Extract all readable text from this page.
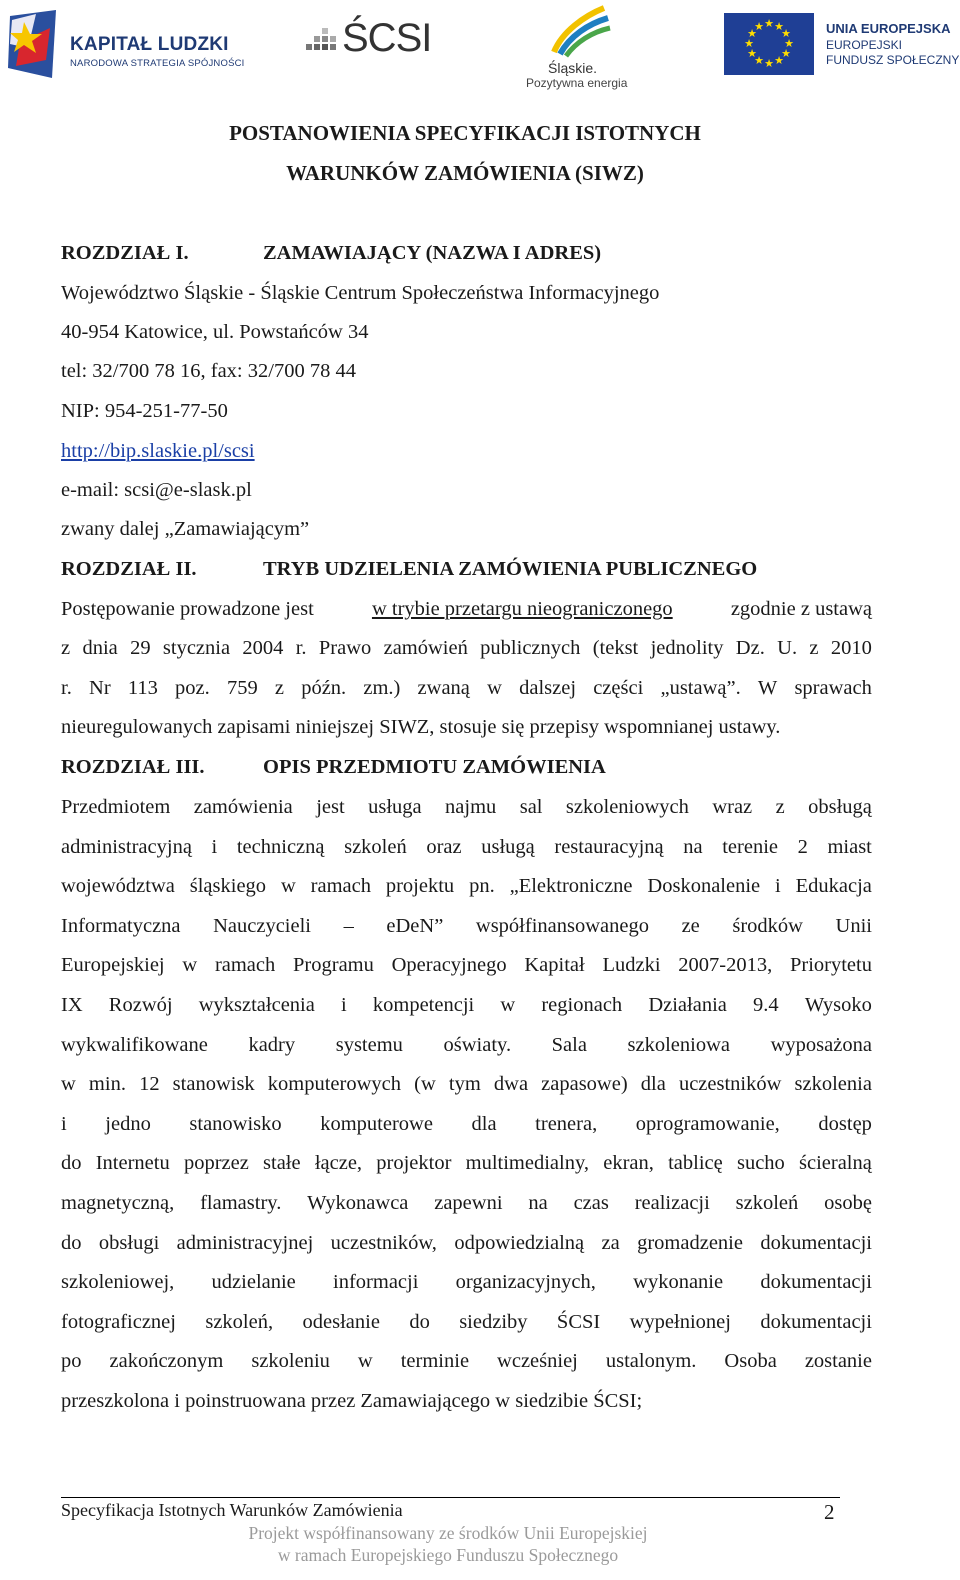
KAPITAŁ LUDZKI
NARODOWA STRATEGIA SPÓJNOŚCI
ŚCSI
Śląskie.
Pozytywna energia
★ ★
★
★
★
★
★
★
★
★
★
★	UNIA EUROPEJSKA
EUROPEJSKI
FUNDUSZ SPOŁECZNY
POSTANOWIENIA SPECYFIKACJI ISTOTNYCH
WARUNKÓW ZAMÓWIENIA (SIWZ)
ROZDZIAŁ I.	ZAMAWIAJĄCY (NAZWA I ADRES)
Województwo Śląskie - Śląskie Centrum Społeczeństwa Informacyjnego
40-954 Katowice, ul. Powstańców 34
tel: 32/700 78 16, fax: 32/700 78 44
NIP: 954-251-77-50
http://bip.slaskie.pl/scsi
e-mail: scsi@e-slask.pl
zwany dalej „Zamawiającym”
ROZDZIAŁ II.	TRYB UDZIELENIA ZAMÓWIENIA PUBLICZNEGO
Postępowanie prowadzone jest	w trybie przetargu nieograniczonego	zgodnie z ustawą
z dnia 29 stycznia 2004 r. Prawo zamówień publicznych (tekst jednolity Dz. U. z 2010
r. Nr 113 poz. 759 z późn. zm.) zwaną w dalszej części „ustawą”. W sprawach
nieuregulowanych zapisami niniejszej SIWZ, stosuje się przepisy wspomnianej ustawy.
ROZDZIAŁ III.	OPIS PRZEDMIOTU ZAMÓWIENIA
Przedmiotem zamówienia jest usługa najmu sal szkoleniowych wraz z obsługą
administracyjną i techniczną szkoleń oraz usługą restauracyjną na terenie 2 miast
województwa śląskiego w ramach projektu pn. „Elektroniczne Doskonalenie i Edukacja
Informatyczna Nauczycieli – eDeN” współfinansowanego ze środków Unii
Europejskiej w ramach Programu Operacyjnego Kapitał Ludzki 2007-2013, Priorytetu
IX Rozwój wykształcenia i kompetencji w regionach Działania 9.4 Wysoko
wykwalifikowane kadry systemu oświaty. Sala szkoleniowa wyposażona
w min. 12 stanowisk komputerowych (w tym dwa zapasowe) dla uczestników szkolenia
i jedno stanowisko komputerowe dla trenera, oprogramowanie, dostęp
do Internetu poprzez stałe łącze, projektor multimedialny, ekran, tablicę sucho ścieralną
magnetyczną, flamastry. Wykonawca zapewni na czas realizacji szkoleń osobę
do obsługi administracyjnej uczestników, odpowiedzialną za gromadzenie dokumentacji
szkoleniowej, udzielanie informacji organizacyjnych, wykonanie dokumentacji
fotograficznej szkoleń, odesłanie do siedziby ŚCSI wypełnionej dokumentacji
po zakończonym szkoleniu w terminie wcześniej ustalonym. Osoba zostanie
przeszkolona i poinstruowana przez Zamawiającego w siedzibie ŚCSI;
Specyfikacja Istotnych Warunków Zamówienia	2
Projekt współfinansowany ze środków Unii Europejskiej
w ramach Europejskiego Funduszu Społecznego
